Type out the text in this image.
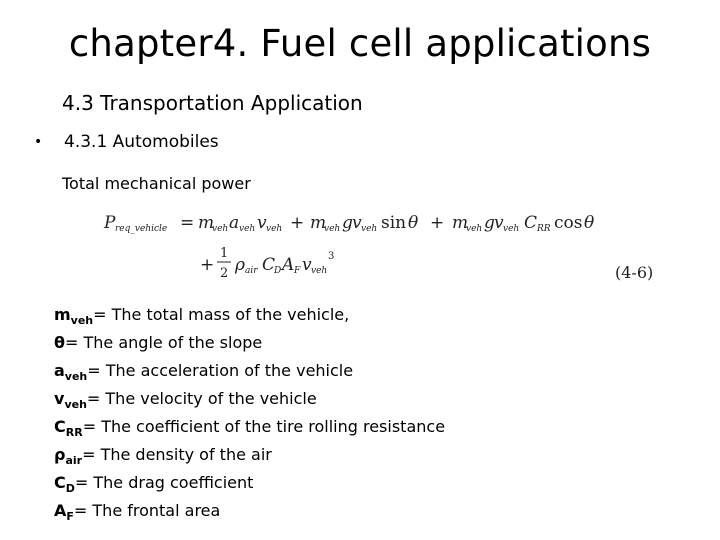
chapter4. Fuel cell applications
4.3 Transportation Application
•	4.3.1 Automobiles
Total mechanical power
P req_vehicle = m
veh a veh v veh + m
veh g v veh sin θ + m
veh g v veh C RR cos θ
+
1
2 ρ air C
D A F v veh
3
(4-6)
$m_{veh}=$ The total mass of the vehicle,
θ= The angle of the slope
$a_{veh}=$ The acceleration of the vehicle
$v_{veh}=$ The velocity of the vehicle
$C_{RR}=$ The coefficient of the tire rolling resistance
$\rho_{air}=$ The density of the air
$C_D=$ The drag coefficient
$A_F=$ The frontal area
